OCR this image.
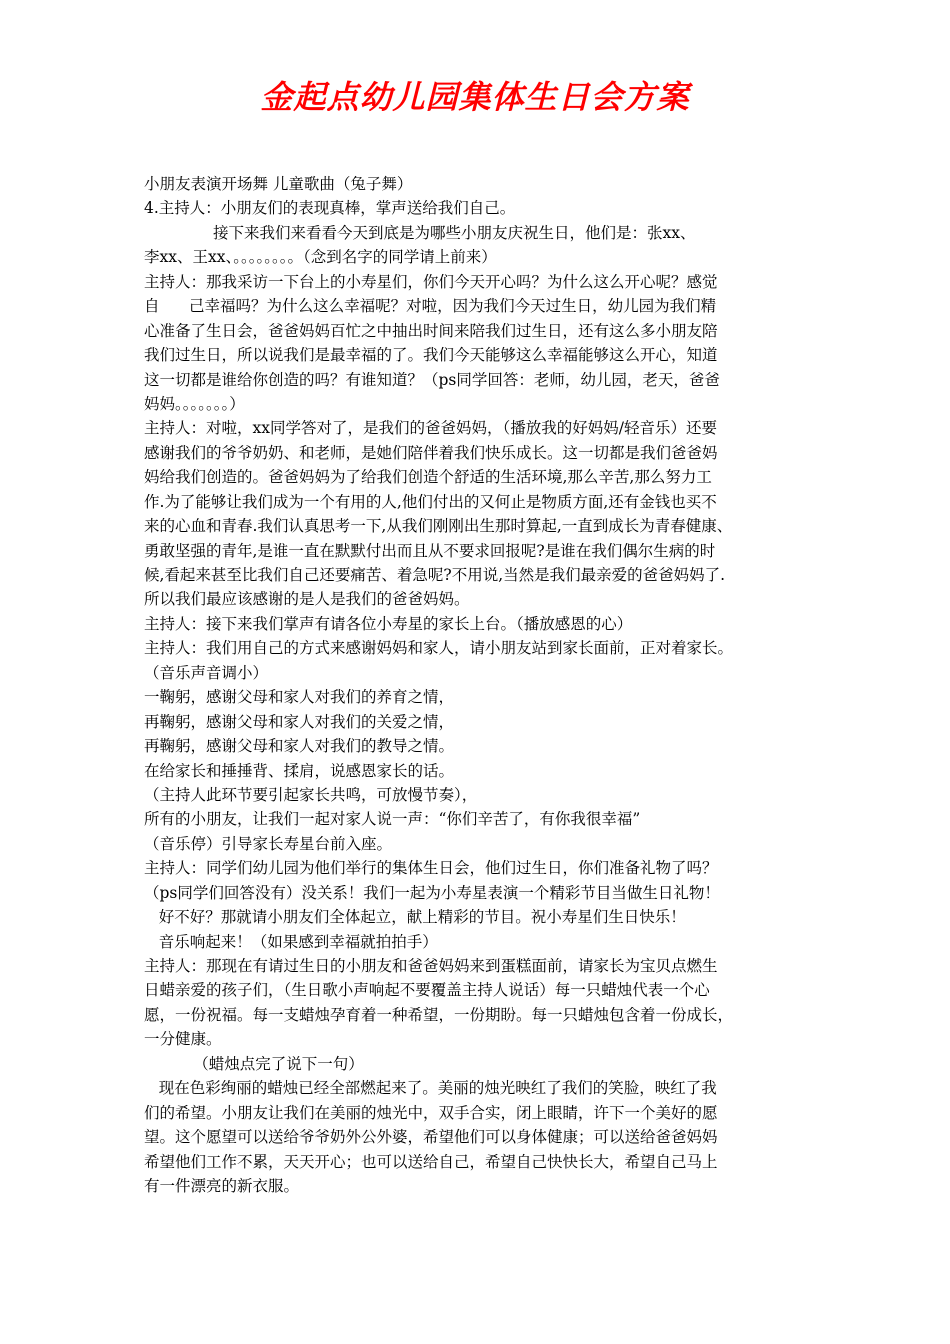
金起点幼儿园集体生日会方案
小朋友表演开场舞 儿童歌曲（兔子舞）
4.主持人：小朋友们的表现真棒，掌声送给我们自己。
接下来我们来看看今天到底是为哪些小朋友庆祝生日，他们是：张xx、
李xx、王xx、。。。。。。。。（念到名字的同学请上前来）
主持人：那我采访一下台上的小寿星们，你们今天开心吗？为什么这么开心呢？感觉
自      己幸福吗？为什么这么幸福呢？对啦，因为我们今天过生日，幼儿园为我们精
心准备了生日会，爸爸妈妈百忙之中抽出时间来陪我们过生日，还有这么多小朋友陪
我们过生日，所以说我们是最幸福的了。我们今天能够这么幸福能够这么开心，知道
这一切都是谁给你创造的吗？有谁知道？（ps同学回答：老师，幼儿园，老天，爸爸
妈妈。。。。。。。）
主持人：对啦，xx同学答对了，是我们的爸爸妈妈，（播放我的好妈妈/轻音乐）还要
感谢我们的爷爷奶奶、和老师，是她们陪伴着我们快乐成长。这一切都是我们爸爸妈
妈给我们创造的。爸爸妈妈为了给我们创造个舒适的生活环境,那么辛苦,那么努力工
作.为了能够让我们成为一个有用的人,他们付出的又何止是物质方面,还有金钱也买不
来的心血和青春.我们认真思考一下,从我们刚刚出生那时算起,一直到成长为青春健康、
勇敢坚强的青年,是谁一直在默默付出而且从不要求回报呢?是谁在我们偶尔生病的时
候,看起来甚至比我们自己还要痛苦、着急呢?不用说,当然是我们最亲爱的爸爸妈妈了.
所以我们最应该感谢的是人是我们的爸爸妈妈。
主持人：接下来我们掌声有请各位小寿星的家长上台。（播放感恩的心）
主持人：我们用自己的方式来感谢妈妈和家人，请小朋友站到家长面前，正对着家长。
（音乐声音调小）
一鞠躬，感谢父母和家人对我们的养育之情，
再鞠躬，感谢父母和家人对我们的关爱之情，
再鞠躬，感谢父母和家人对我们的教导之情。
在给家长和捶捶背、揉肩，说感恩家长的话。
（主持人此环节要引起家长共鸣，可放慢节奏），
所有的小朋友，让我们一起对家人说一声：“你们辛苦了，有你我很幸福”
（音乐停）引导家长寿星台前入座。
主持人：同学们幼儿园为他们举行的集体生日会，他们过生日，你们准备礼物了吗？
（ps同学们回答没有）没关系！我们一起为小寿星表演一个精彩节目当做生日礼物！
好不好？那就请小朋友们全体起立，献上精彩的节目。祝小寿星们生日快乐！
音乐响起来！（如果感到幸福就拍拍手）
主持人：那现在有请过生日的小朋友和爸爸妈妈来到蛋糕面前，请家长为宝贝点燃生
日蜡亲爱的孩子们，（生日歌小声响起不要覆盖主持人说话）每一只蜡烛代表一个心
愿，一份祝福。每一支蜡烛孕育着一种希望，一份期盼。每一只蜡烛包含着一份成长，
一分健康。
（蜡烛点完了说下一句）
现在色彩绚丽的蜡烛已经全部燃起来了。美丽的烛光映红了我们的笑脸，映红了我
们的希望。小朋友让我们在美丽的烛光中，双手合实，闭上眼睛，许下一个美好的愿
望。这个愿望可以送给爷爷奶外公外婆，希望他们可以身体健康；可以送给爸爸妈妈
希望他们工作不累，天天开心；也可以送给自己，希望自己快快长大，希望自己马上
有一件漂亮的新衣服。
